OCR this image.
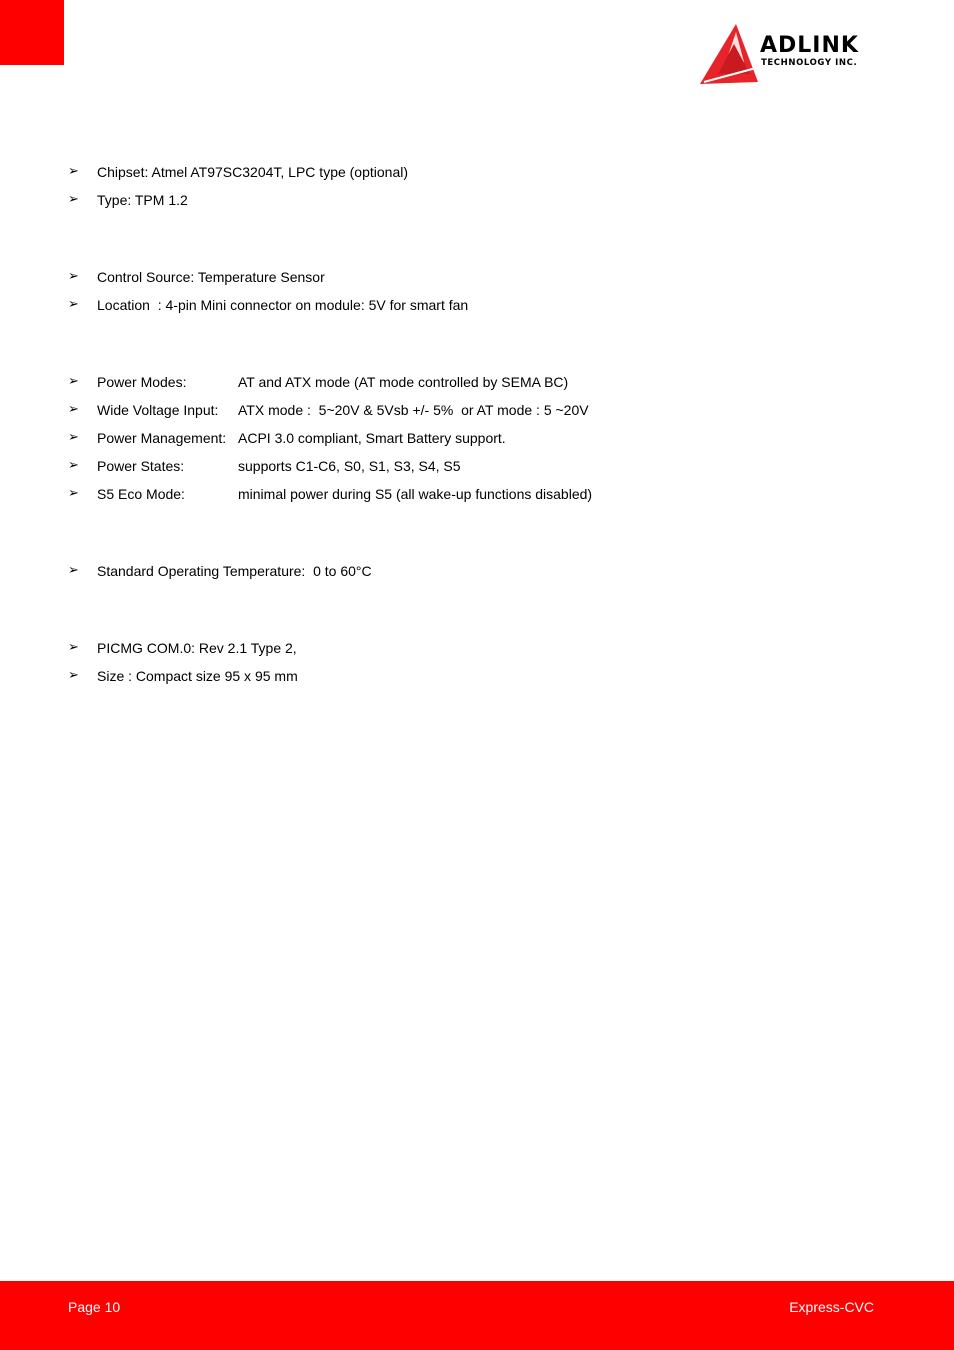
ADLINK
TECHNOLOGY INC.

➢

Chipset: Atmel AT97SC3204T, LPC type (optional)

➢

Type: TPM 1.2

➢

Control Source: Temperature Sensor

➢

Location  : 4-pin Mini connector on module: 5V for smart fan

➢

Power Modes:

	AT and ATX mode (AT mode controlled by SEMA BC)

➢

Wide Voltage Input:

ATX mode :  5~20V & 5Vsb +/- 5%  or AT mode : 5 ~20V

➢

Power Management:

ACPI 3.0 compliant, Smart Battery support.

➢

Power States:

	supports C1-C6, S0, S1, S3, S4, S5

➢

S5 Eco Mode:

	minimal power during S5 (all wake-up functions disabled)

➢

Standard Operating Temperature:  0 to 60°C

➢

PICMG COM.0: Rev 2.1 Type 2,

➢

Size : Compact size 95 x 95 mm

Page 10	Express-CVC
